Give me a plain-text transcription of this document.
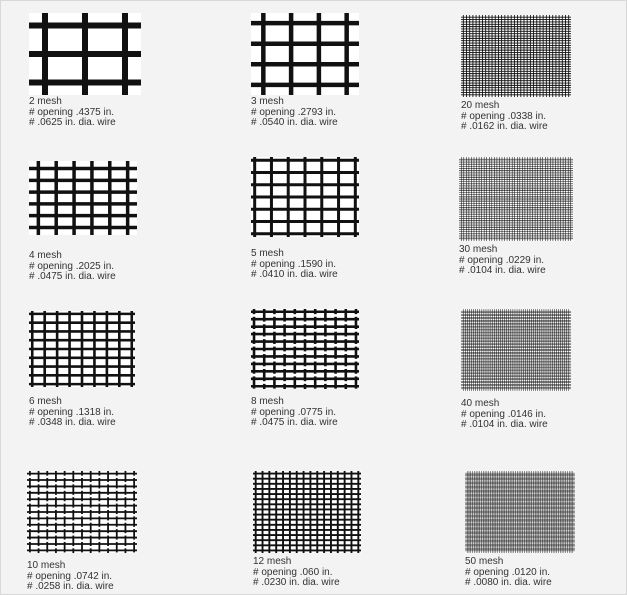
2 mesh
# opening .4375 in.
# .0625 in. dia. wire
3 mesh
# opening .2793 in.
# .0540 in. dia. wire
20 mesh
# opening .0338 in.
# .0162 in. dia. wire
4 mesh
# opening .2025 in.
# .0475 in. dia. wire
5 mesh
# opening .1590 in.
# .0410 in. dia. wire
30 mesh
# opening .0229 in.
# .0104 in. dia. wire
6 mesh
# opening .1318 in.
# .0348 in. dia. wire
8 mesh
# opening .0775 in.
# .0475 in. dia. wire
40 mesh
# opening .0146 in.
# .0104 in. dia. wire
10 mesh
# opening .0742 in.
# .0258 in. dia. wire
12 mesh
# opening .060 in.
# .0230 in. dia. wire
50 mesh
# opening .0120 in.
# .0080 in. dia. wire
